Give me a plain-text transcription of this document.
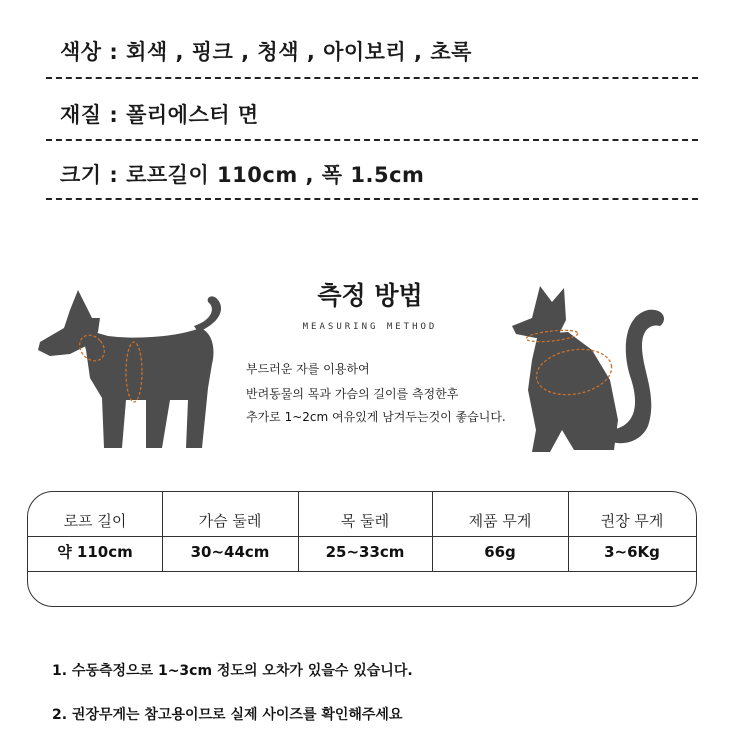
색상 : 회색 , 핑크 , 청색 , 아이보리 , 초록
재질 : 폴리에스터 면
크기 : 로프길이 110cm , 폭 1.5cm
측정 방법
MEASURING METHOD
부드러운 자를 이용하여
반려동물의 목과 가슴의 길이를 측정한후
추가로 1~2cm 여유있게 남겨두는것이 좋습니다.
로프 길이	가슴 둘레	목 둘레	제품 무게	권장 무게
약 110cm	30~44cm	25~33cm	66g	3~6Kg
1. 수동측정으로 1~3cm 정도의 오차가 있을수 있습니다.
2. 권장무게는 참고용이므로 실제 사이즈를 확인해주세요
